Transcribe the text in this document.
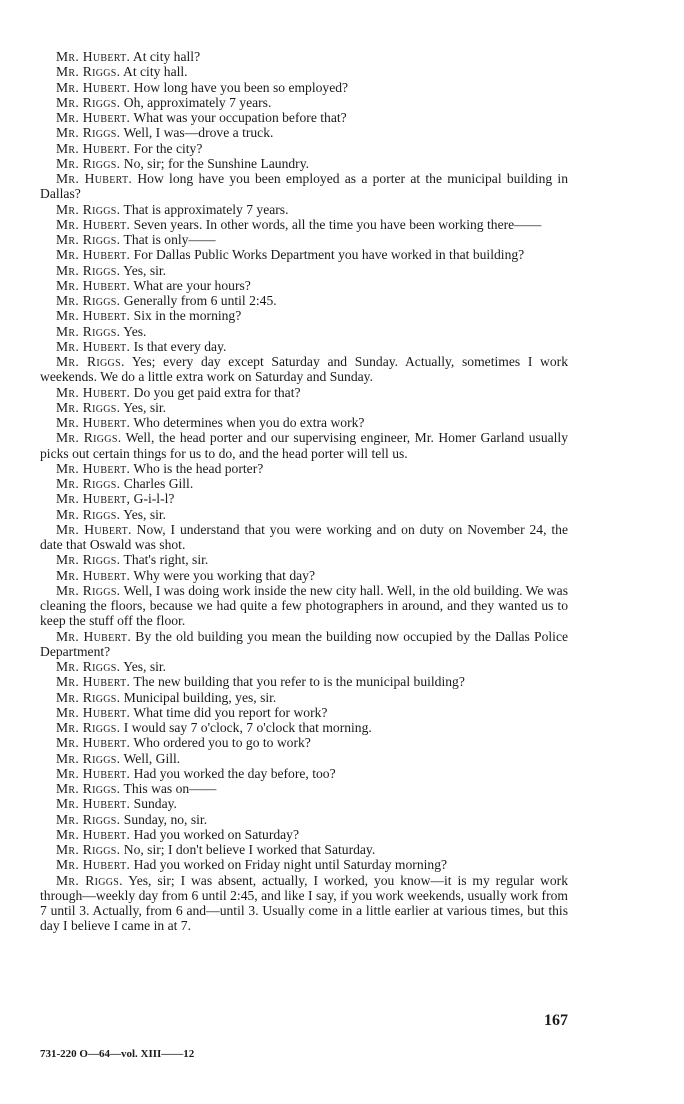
Mr. Hubert. At city hall?

Mr. Riggs. At city hall.

Mr. Hubert. How long have you been so employed?

Mr. Riggs. Oh, approximately 7 years.

Mr. Hubert. What was your occupation before that?

Mr. Riggs. Well, I was—drove a truck.

Mr. Hubert. For the city?

Mr. Riggs. No, sir; for the Sunshine Laundry.

Mr. Hubert. How long have you been employed as a porter at the municipal building in Dallas?

Mr. Riggs. That is approximately 7 years.

Mr. Hubert. Seven years. In other words, all the time you have been working there——

Mr. Riggs. That is only——

Mr. Hubert. For Dallas Public Works Department you have worked in that building?

Mr. Riggs. Yes, sir.

Mr. Hubert. What are your hours?

Mr. Riggs. Generally from 6 until 2:45.

Mr. Hubert. Six in the morning?

Mr. Riggs. Yes.

Mr. Hubert. Is that every day.

Mr. Riggs. Yes; every day except Saturday and Sunday. Actually, sometimes I work weekends. We do a little extra work on Saturday and Sunday.

Mr. Hubert. Do you get paid extra for that?

Mr. Riggs. Yes, sir.

Mr. Hubert. Who determines when you do extra work?

Mr. Riggs. Well, the head porter and our supervising engineer, Mr. Homer Garland usually picks out certain things for us to do, and the head porter will tell us.

Mr. Hubert. Who is the head porter?

Mr. Riggs. Charles Gill.

Mr. Hubert, G-i-l-l?

Mr. Riggs. Yes, sir.

Mr. Hubert. Now, I understand that you were working and on duty on November 24, the date that Oswald was shot.

Mr. Riggs. That's right, sir.

Mr. Hubert. Why were you working that day?

Mr. Riggs. Well, I was doing work inside the new city hall. Well, in the old building. We was cleaning the floors, because we had quite a few photographers in around, and they wanted us to keep the stuff off the floor.

Mr. Hubert. By the old building you mean the building now occupied by the Dallas Police Department?

Mr. Riggs. Yes, sir.

Mr. Hubert. The new building that you refer to is the municipal building?

Mr. Riggs. Municipal building, yes, sir.

Mr. Hubert. What time did you report for work?

Mr. Riggs. I would say 7 o'clock, 7 o'clock that morning.

Mr. Hubert. Who ordered you to go to work?

Mr. Riggs. Well, Gill.

Mr. Hubert. Had you worked the day before, too?

Mr. Riggs. This was on——

Mr. Hubert. Sunday.

Mr. Riggs. Sunday, no, sir.

Mr. Hubert. Had you worked on Saturday?

Mr. Riggs. No, sir; I don't believe I worked that Saturday.

Mr. Hubert. Had you worked on Friday night until Saturday morning?

Mr. Riggs. Yes, sir; I was absent, actually, I worked, you know—it is my regular work through—weekly day from 6 until 2:45, and like I say, if you work weekends, usually work from 7 until 3. Actually, from 6 and—until 3. Usually come in a little earlier at various times, but this day I believe I came in at 7.

167
731-220 O—64—vol. XIII——12
